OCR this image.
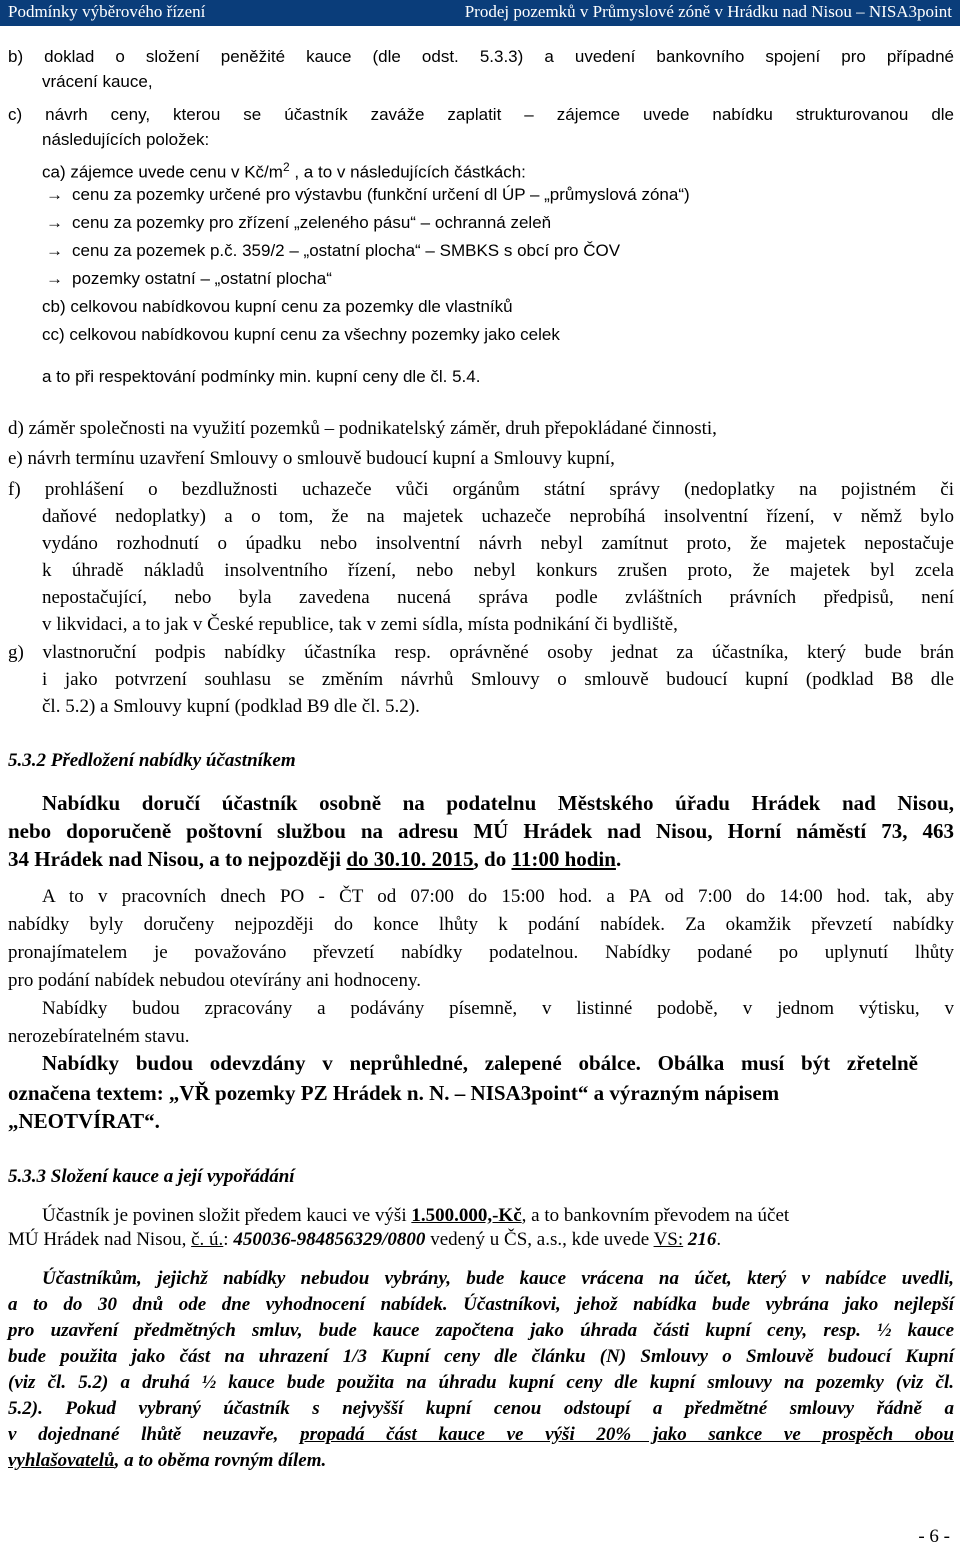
Podmínky výběrového řízení	Prodej pozemků v Průmyslové zóně v Hrádku nad Nisou – NISA3point
b) doklad o složení peněžité kauce (dle odst. 5.3.3) a uvedení bankovního spojení pro případné
vrácení kauce,
c) návrh ceny, kterou se účastník zaváže zaplatit – zájemce uvede nabídku strukturovanou dle
následujících položek:
ca) zájemce uvede cenu v $Kč/m^2$ , a to v následujících částkách:
→ cenu za pozemky určené pro výstavbu (funkční určení dl ÚP – „průmyslová zóna“)
→ cenu za pozemky pro zřízení „zeleného pásu“ – ochranná zeleň
→ cenu za pozemek p.č. 359/2 – „ostatní plocha“ – SMBKS s obcí pro ČOV
→ pozemky ostatní – „ostatní plocha“
cb) celkovou nabídkovou kupní cenu za pozemky dle vlastníků
cc) celkovou nabídkovou kupní cenu za všechny pozemky jako celek
a to při respektování podmínky min. kupní ceny dle čl. 5.4.
d) záměr společnosti na využití pozemků – podnikatelský záměr, druh přepokládané činnosti,
e) návrh termínu uzavření Smlouvy o smlouvě budoucí kupní a Smlouvy kupní,
f) prohlášení o bezdlužnosti uchazeče vůči orgánům státní správy (nedoplatky na pojistném či
daňové nedoplatky) a o tom, že na majetek uchazeče neprobíhá insolventní řízení, v němž bylo
vydáno rozhodnutí o úpadku nebo insolventní návrh nebyl zamítnut proto, že majetek nepostačuje
k úhradě nákladů insolventního řízení, nebo nebyl konkurs zrušen proto, že majetek byl zcela
nepostačující, nebo byla zavedena nucená správa podle zvláštních právních předpisů, není
v likvidaci, a to jak v České republice, tak v zemi sídla, místa podnikání či bydliště,
g) vlastnoruční podpis nabídky účastníka resp. oprávněné osoby jednat za účastníka, který bude brán
i jako potvrzení souhlasu se změním návrhů Smlouvy o smlouvě budoucí kupní (podklad B8 dle
čl. 5.2) a Smlouvy kupní (podklad B9 dle čl. 5.2).
5.3.2 Předložení nabídky účastníkem
Nabídku doručí účastník osobně na podatelnu Městského úřadu Hrádek nad Nisou,
nebo doporučeně poštovní službou na adresu MÚ Hrádek nad Nisou, Horní náměstí 73, 463
34 Hrádek nad Nisou, a to nejpozději do 30.10. 2015, do 11:00 hodin.
A to v pracovních dnech PO - ČT od 07:00 do 15:00 hod. a PA od 7:00 do 14:00 hod. tak, aby
nabídky byly doručeny nejpozději do konce lhůty k podání nabídek. Za okamžik převzetí nabídky
pronajímatelem je považováno převzetí nabídky podatelnou. Nabídky podané po uplynutí lhůty
pro podání nabídek nebudou otevírány ani hodnoceny.
Nabídky budou zpracovány a podávány písemně, v listinné podobě, v jednom výtisku, v
nerozebíratelném stavu.
Nabídky budou odevzdány v neprůhledné, zalepené obálce. Obálka musí být zřetelně
označena textem: „VŘ pozemky PZ Hrádek n. N. – NISA3point“ a výrazným nápisem
„NEOTVÍRAT“.
5.3.3 Složení kauce a její vypořádání
Účastník je povinen složit předem kauci ve výši 1.500.000,-Kč, a to bankovním převodem na účet
MÚ Hrádek nad Nisou, č. ú.: 450036-984856329/0800 vedený u ČS, a.s., kde uvede VS: 216.
Účastníkům, jejichž nabídky nebudou vybrány, bude kauce vrácena na účet, který v nabídce uvedli,
a to do 30 dnů ode dne vyhodnocení nabídek. Účastníkovi, jehož nabídka bude vybrána jako nejlepší
pro uzavření předmětných smluv, bude kauce započtena jako úhrada části kupní ceny, resp. ½ kauce
bude použita jako část na uhrazení 1/3 Kupní ceny dle článku (N) Smlouvy o Smlouvě budoucí Kupní
(viz čl. 5.2) a druhá ½ kauce bude použita na úhradu kupní ceny dle kupní smlouvy na pozemky (viz čl.
5.2). Pokud vybraný účastník s nejvyšší kupní cenou odstoupí a předmětné smlouvy řádně a
v dojednané lhůtě neuzavře, propadá část kauce ve výši 20% jako sankce ve prospěch obou
vyhlašovatelů, a to oběma rovným dílem.
- 6 -
